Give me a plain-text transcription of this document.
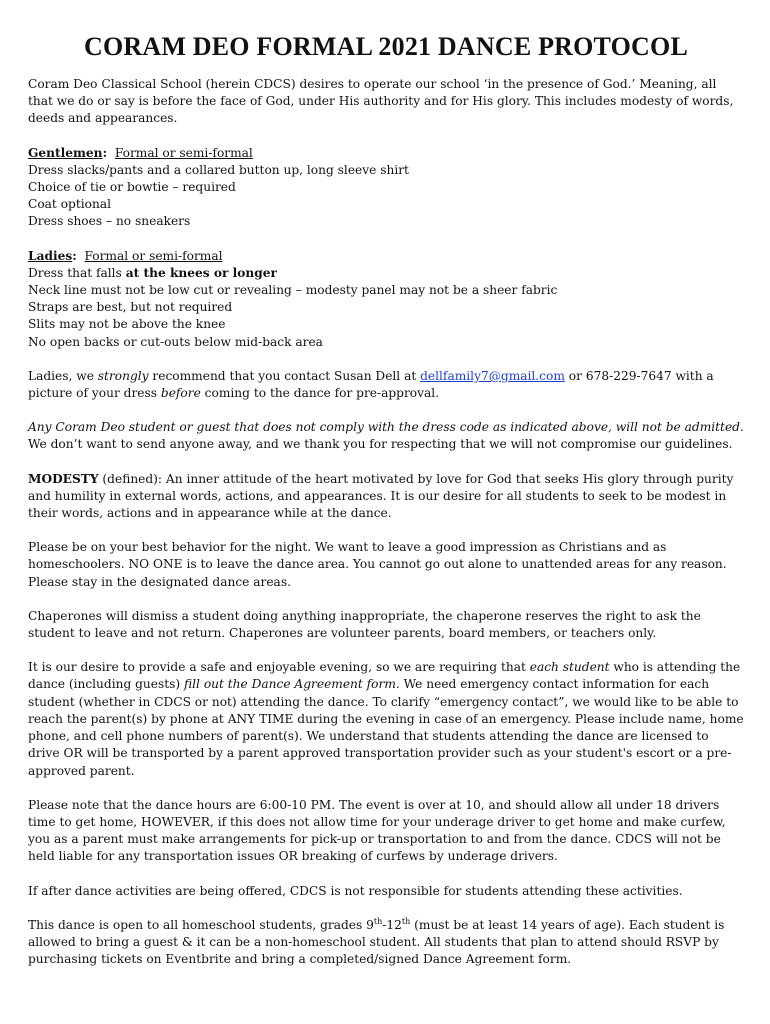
CORAM DEO FORMAL 2021 DANCE PROTOCOL

Coram Deo Classical School (herein CDCS) desires to operate our school ‘in the presence of God.’ Meaning, all that we do or say is before the face of God, under His authority and for His glory. This includes modesty of words, deeds and appearances.

Gentlemen: Formal or semi-formal
Dress slacks/pants and a collared button up, long sleeve shirt
Choice of tie or bowtie – required
Coat optional
Dress shoes – no sneakers
Ladies: Formal or semi-formal
Dress that falls at the knees or longer
Neck line must not be low cut or revealing – modesty panel may not be a sheer fabric
Straps are best, but not required
Slits may not be above the knee
No open backs or cut-outs below mid-back area

Ladies, we strongly recommend that you contact Susan Dell at dellfamily7@gmail.com or 678-229-7647 with a picture of your dress before coming to the dance for pre-approval.

Any Coram Deo student or guest that does not comply with the dress code as indicated above, will not be admitted. We don’t want to send anyone away, and we thank you for respecting that we will not compromise our guidelines.

MODESTY (defined): An inner attitude of the heart motivated by love for God that seeks His glory through purity and humility in external words, actions, and appearances. It is our desire for all students to seek to be modest in their words, actions and in appearance while at the dance.

Please be on your best behavior for the night. We want to leave a good impression as Christians and as homeschoolers. NO ONE is to leave the dance area. You cannot go out alone to unattended areas for any reason. Please stay in the designated dance areas.

Chaperones will dismiss a student doing anything inappropriate, the chaperone reserves the right to ask the student to leave and not return. Chaperones are volunteer parents, board members, or teachers only.

It is our desire to provide a safe and enjoyable evening, so we are requiring that each student who is attending the dance (including guests) fill out the Dance Agreement form. We need emergency contact information for each student (whether in CDCS or not) attending the dance. To clarify “emergency contact”, we would like to be able to reach the parent(s) by phone at ANY TIME during the evening in case of an emergency. Please include name, home phone, and cell phone numbers of parent(s). We understand that students attending the dance are licensed to drive OR will be transported by a parent approved transportation provider such as your student's escort or a pre-approved parent.

Please note that the dance hours are 6:00-10 PM. The event is over at 10, and should allow all under 18 drivers time to get home, HOWEVER, if this does not allow time for your underage driver to get home and make curfew, you as a parent must make arrangements for pick-up or transportation to and from the dance. CDCS will not be held liable for any transportation issues OR breaking of curfews by underage drivers.

If after dance activities are being offered, CDCS is not responsible for students attending these activities.

This dance is open to all homeschool students, grades 9th-12th (must be at least 14 years of age). Each student is allowed to bring a guest & it can be a non-homeschool student. All students that plan to attend should RSVP by purchasing tickets on Eventbrite and bring a completed/signed Dance Agreement form.
